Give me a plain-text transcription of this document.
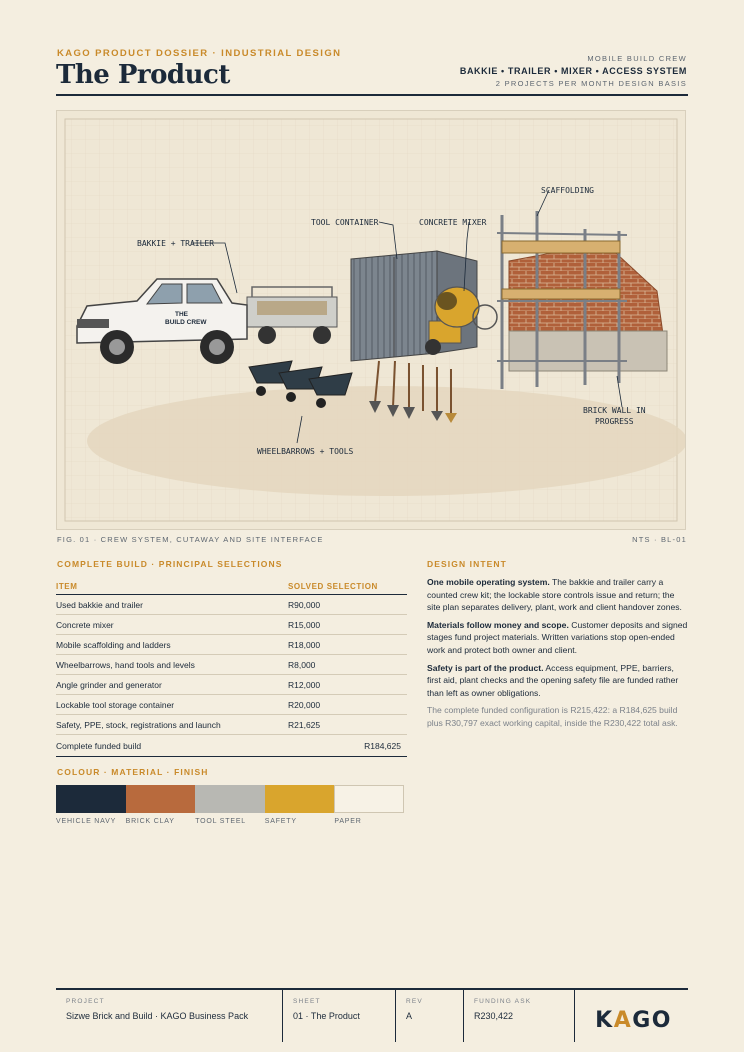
KAGO PRODUCT DOSSIER · INDUSTRIAL DESIGN
The Product
MOBILE BUILD CREW
BAKKIE • TRAILER • MIXER • ACCESS SYSTEM
2 PROJECTS PER MONTH DESIGN BASIS
THE
BUILD CREW
BAKKIE + TRAILER
TOOL CONTAINER	CONCRETE MIXER
SCAFFOLDING
BRICK WALL IN
PROGRESS
WHEELBARROWS + TOOLS
FIG. 01 · CREW SYSTEM, CUTAWAY AND SITE INTERFACE	NTS · BL-01
COMPLETE BUILD · PRINCIPAL SELECTIONS
ITEM	SOLVED SELECTION
Used bakkie and trailer	R90,000
Concrete mixer	R15,000
Mobile scaffolding and ladders	R18,000
Wheelbarrows, hand tools and levels	R8,000
Angle grinder and generator	R12,000
Lockable tool storage container	R20,000
Safety, PPE, stock, registrations and launch	R21,625
Complete funded build	R184,625
COLOUR · MATERIAL · FINISH
VEHICLE NAVY	BRICK CLAY	TOOL STEEL	SAFETY	PAPER
DESIGN INTENT

One mobile operating system. The bakkie and trailer carry a counted crew kit; the lockable store controls issue and return; the site plan separates delivery, plant, work and client handover zones.

Materials follow money and scope. Customer deposits and signed stages fund project materials. Written variations stop open-ended work and protect both owner and client.

Safety is part of the product. Access equipment, PPE, barriers, first aid, plant checks and the opening safety file are funded rather than left as owner obligations.

The complete funded configuration is R215,422: a R184,625 build plus R30,797 exact working capital, inside the R230,422 total ask.

PROJECT
Sizwe Brick and Build · KAGO Business Pack
SHEET
01 · The Product
REV
A
FUNDING ASK
R230,422	KAGO
